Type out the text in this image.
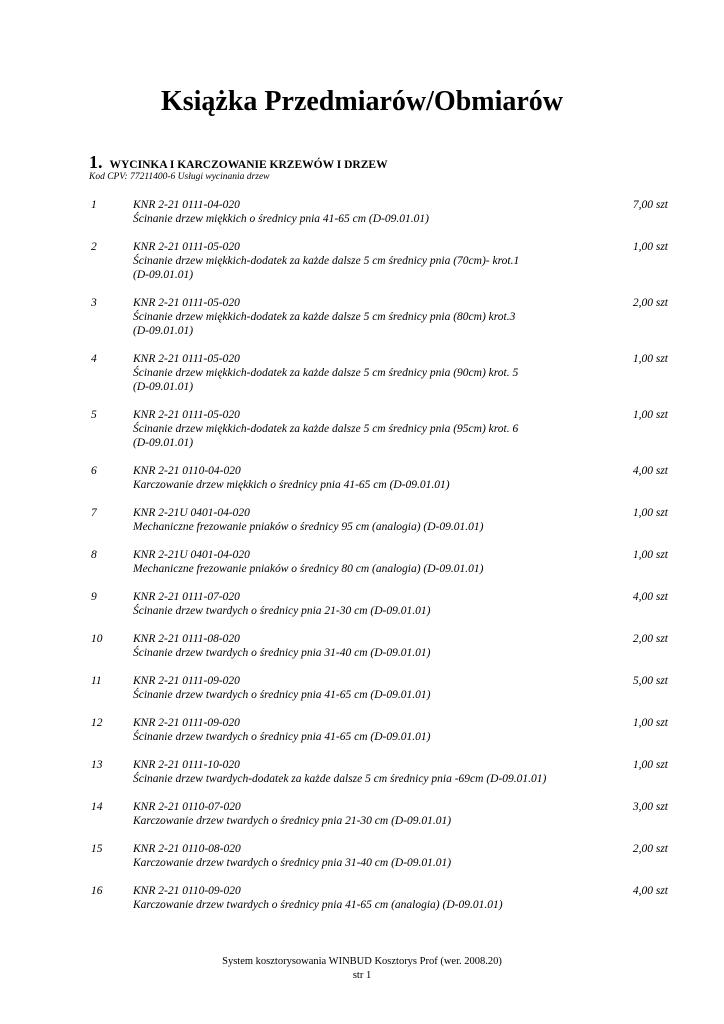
Książka Przedmiarów/Obmiarów
1. WYCINKA I KARCZOWANIE KRZEWÓW I DRZEW
Kod CPV: 77211400-6 Usługi wycinania drzew
1	KNR 2-21 0111-04-020
Ścinanie drzew miękkich o średnicy pnia 41-65 cm (D-09.01.01)
7,00 szt
2	KNR 2-21 0111-05-020
Ścinanie drzew miękkich-dodatek za każde dalsze 5 cm średnicy pnia (70cm)- krot.1
(D-09.01.01)
1,00 szt
3	KNR 2-21 0111-05-020
Ścinanie drzew miękkich-dodatek za każde dalsze 5 cm średnicy pnia (80cm) krot.3
(D-09.01.01)
2,00 szt
4	KNR 2-21 0111-05-020
Ścinanie drzew miękkich-dodatek za każde dalsze 5 cm średnicy pnia (90cm) krot. 5
(D-09.01.01)
1,00 szt
5	KNR 2-21 0111-05-020
Ścinanie drzew miękkich-dodatek za każde dalsze 5 cm średnicy pnia (95cm) krot. 6
(D-09.01.01)
1,00 szt
6	KNR 2-21 0110-04-020
Karczowanie drzew miękkich o średnicy pnia 41-65 cm (D-09.01.01)
4,00 szt
7	KNR 2-21U 0401-04-020
Mechaniczne frezowanie pniaków o średnicy 95 cm (analogia) (D-09.01.01)
1,00 szt
8	KNR 2-21U 0401-04-020
Mechaniczne frezowanie pniaków o średnicy 80 cm (analogia) (D-09.01.01)
1,00 szt
9	KNR 2-21 0111-07-020
Ścinanie drzew twardych o średnicy pnia 21-30 cm (D-09.01.01)
4,00 szt
10	KNR 2-21 0111-08-020
Ścinanie drzew twardych o średnicy pnia 31-40 cm (D-09.01.01)
2,00 szt
11	KNR 2-21 0111-09-020
Ścinanie drzew twardych o średnicy pnia 41-65 cm (D-09.01.01)
5,00 szt
12	KNR 2-21 0111-09-020
Ścinanie drzew twardych o średnicy pnia 41-65 cm (D-09.01.01)
1,00 szt
13	KNR 2-21 0111-10-020
Ścinanie drzew twardych-dodatek za każde dalsze 5 cm średnicy pnia -69cm (D-09.01.01)
1,00 szt
14	KNR 2-21 0110-07-020
Karczowanie drzew twardych o średnicy pnia 21-30 cm (D-09.01.01)
3,00 szt
15	KNR 2-21 0110-08-020
Karczowanie drzew twardych o średnicy pnia 31-40 cm (D-09.01.01)
2,00 szt
16	KNR 2-21 0110-09-020
Karczowanie drzew twardych o średnicy pnia 41-65 cm (analogia) (D-09.01.01)
4,00 szt
System kosztorysowania WINBUD Kosztorys Prof (wer. 2008.20)
str 1
